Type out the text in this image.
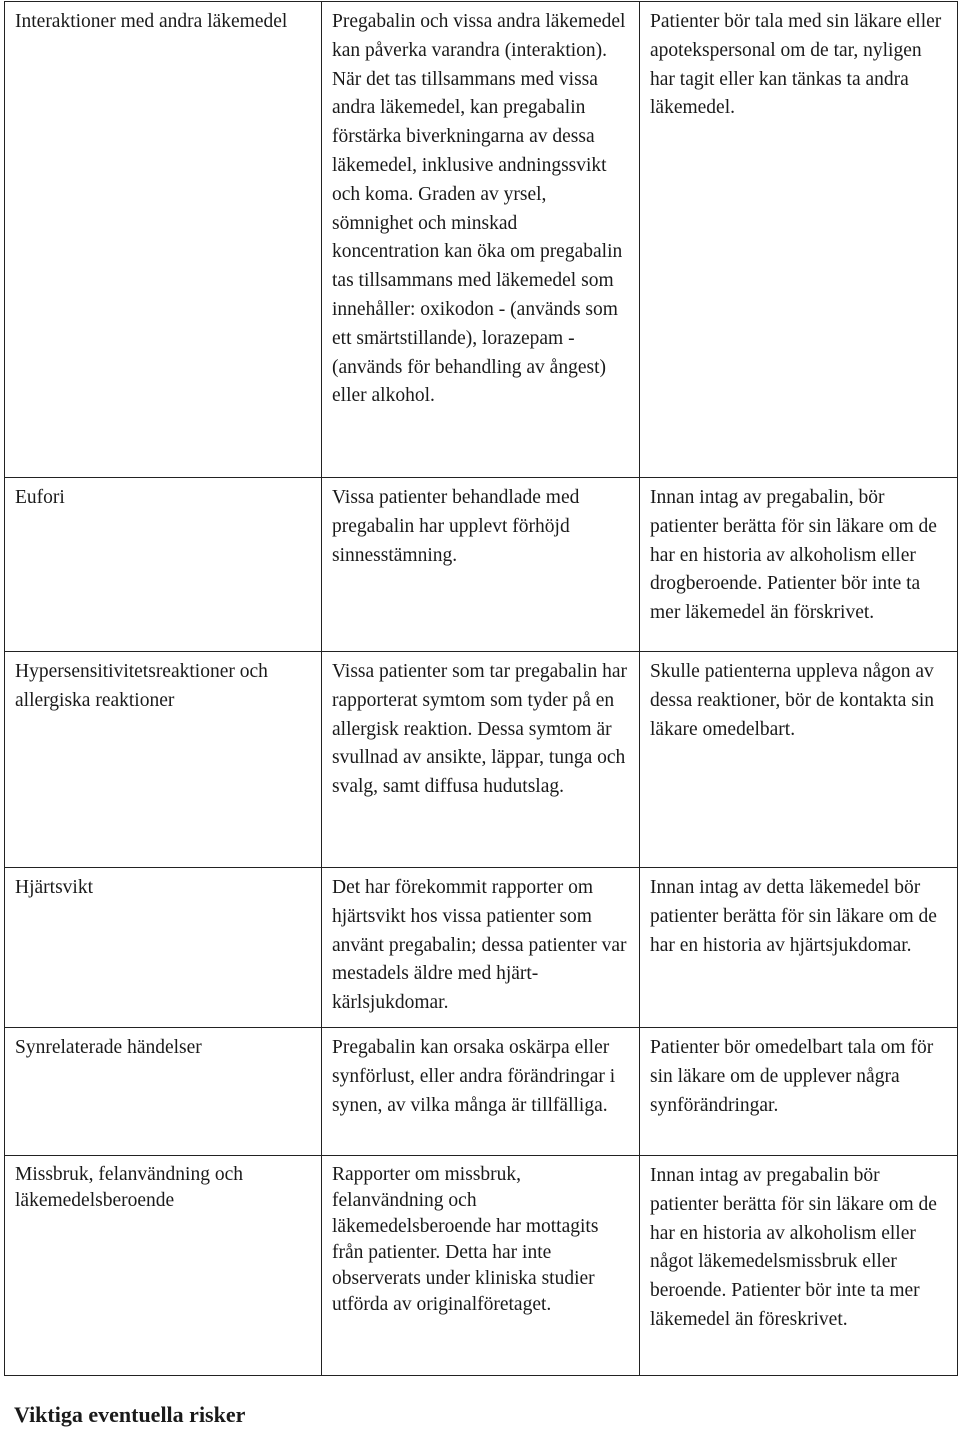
Interaktioner med andra läkemedel	Pregabalin och vissa andra läkemedel kan påverka varandra (interaktion). När det tas tillsammans med vissa andra läkemedel, kan pregabalin förstärka biverkningarna av dessa läkemedel, inklusive andningssvikt och koma. Graden av yrsel, sömnighet och minskad koncentration kan öka om pregabalin tas tillsammans med läkemedel som innehåller: oxikodon - (används som ett smärtstillande), lorazepam - (används för behandling av ångest) eller alkohol.	Patienter bör tala med sin läkare eller apotekspersonal om de tar, nyligen har tagit eller kan tänkas ta andra läkemedel.
Eufori	Vissa patienter behandlade med pregabalin har upplevt förhöjd sinnesstämning.	Innan intag av pregabalin, bör patienter berätta för sin läkare om de har en historia av alkoholism eller drogberoende. Patienter bör inte ta mer läkemedel än förskrivet.
Hypersensitivitetsreaktioner och allergiska reaktioner	Vissa patienter som tar pregabalin har rapporterat symtom som tyder på en allergisk reaktion. Dessa symtom är svullnad av ansikte, läppar, tunga och svalg, samt diffusa hudutslag.	Skulle patienterna uppleva någon av dessa reaktioner, bör de kontakta sin läkare omedelbart.
Hjärtsvikt	Det har förekommit rapporter om hjärtsvikt hos vissa patienter som använt pregabalin; dessa patienter var mestadels äldre med hjärt-kärlsjukdomar.	Innan intag av detta läkemedel bör patienter berätta för sin läkare om de har en historia av hjärtsjukdomar.
Synrelaterade händelser	Pregabalin kan orsaka oskärpa eller synförlust, eller andra förändringar i synen, av vilka många är tillfälliga.	Patienter bör omedelbart tala om för sin läkare om de upplever några synförändringar.
Missbruk, felanvändning och läkemedelsberoende	Rapporter om missbruk, felanvändning och läkemedelsberoende har mottagits från patienter. Detta har inte observerats under kliniska studier utförda av originalföretaget.	Innan intag av pregabalin bör patienter berätta för sin läkare om de har en historia av alkoholism eller något läkemedelsmissbruk eller beroende. Patienter bör inte ta mer läkemedel än föreskrivet.
Viktiga eventuella risker
